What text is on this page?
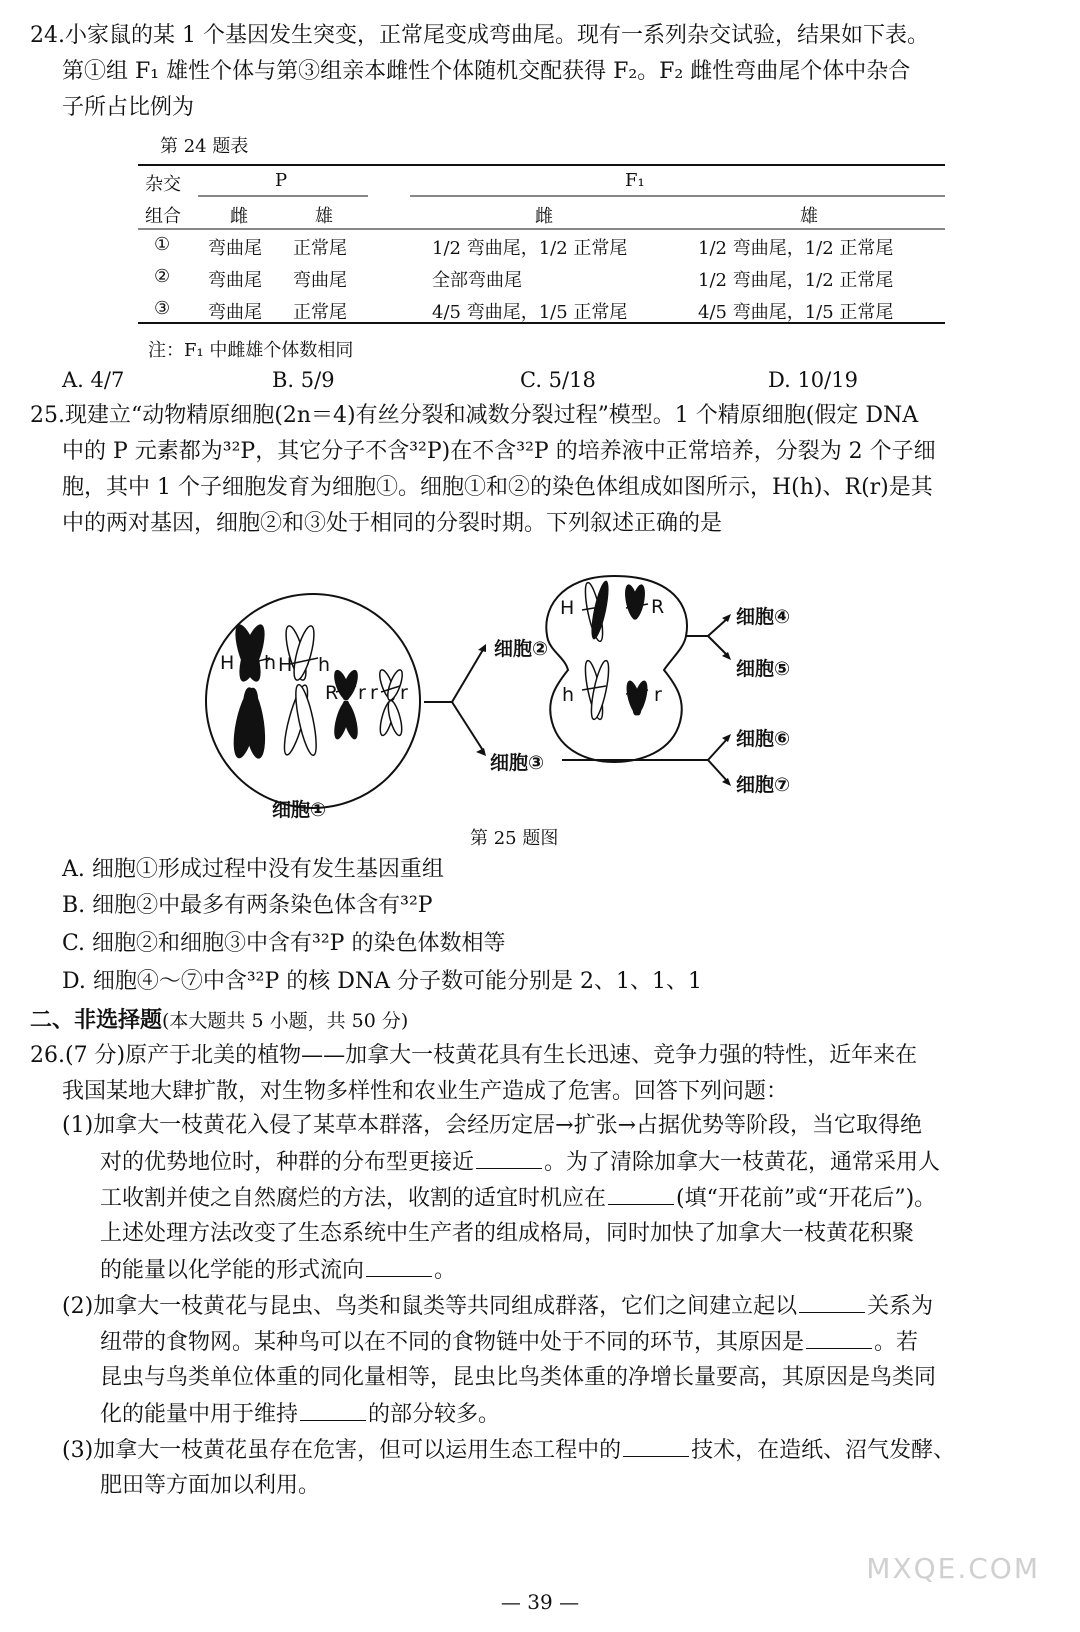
24.小家鼠的某 1 个基因发生突变，正常尾变成弯曲尾。现有一系列杂交试验，结果如下表。
第①组 F₁ 雄性个体与第③组亲本雌性个体随机交配获得 F₂。F₂ 雌性弯曲尾个体中杂合
子所占比例为
第 24 题表
杂交
组合
P	F₁
雌	雄	雌	雄
① 弯曲尾 正常尾	1/2 弯曲尾，1/2 正常尾	1/2 弯曲尾，1/2 正常尾
② 弯曲尾 弯曲尾	全部弯曲尾	1/2 弯曲尾，1/2 正常尾
③ 弯曲尾 正常尾	4/5 弯曲尾，1/5 正常尾	4/5 弯曲尾，1/5 正常尾
注：F₁ 中雌雄个体数相同
A. 4/7	B. 5/9	C. 5/18	D. 10/19
25.现建立“动物精原细胞(2n＝4)有丝分裂和减数分裂过程”模型。1 个精原细胞(假定 DNA
中的 P 元素都为³²P，其它分子不含³²P)在不含³²P 的培养液中正常培养，分裂为 2 个子细
胞，其中 1 个子细胞发育为细胞①。细胞①和②的染色体组成如图所示，H(h)、R(r)是其
中的两对基因，细胞②和③处于相同的分裂时期。下列叙述正确的是
H h H h
R r r r
H	R
h	r
细胞①
细胞②
细胞③
细胞④
细胞⑤
细胞⑥
细胞⑦
第 25 题图
A. 细胞①形成过程中没有发生基因重组
B. 细胞②中最多有两条染色体含有³²P
C. 细胞②和细胞③中含有³²P 的染色体数相等
D. 细胞④～⑦中含³²P 的核 DNA 分子数可能分别是 2、1、1、1
二、非选择题(本大题共 5 小题，共 50 分)
26.(7 分)原产于北美的植物——加拿大一枝黄花具有生长迅速、竞争力强的特性，近年来在
我国某地大肆扩散，对生物多样性和农业生产造成了危害。回答下列问题：
(1)加拿大一枝黄花入侵了某草本群落，会经历定居→扩张→占据优势等阶段，当它取得绝
对的优势地位时，种群的分布型更接近	。为了清除加拿大一枝黄花，通常采用人
工收割并使之自然腐烂的方法，收割的适宜时机应在	(填“开花前”或“开花后”)。
上述处理方法改变了生态系统中生产者的组成格局，同时加快了加拿大一枝黄花积聚
的能量以化学能的形式流向	。
(2)加拿大一枝黄花与昆虫、鸟类和鼠类等共同组成群落，它们之间建立起以	关系为
纽带的食物网。某种鸟可以在不同的食物链中处于不同的环节，其原因是	。若
昆虫与鸟类单位体重的同化量相等，昆虫比鸟类体重的净增长量要高，其原因是鸟类同
化的能量中用于维持	的部分较多。
(3)加拿大一枝黄花虽存在危害，但可以运用生态工程中的	技术，在造纸、沼气发酵、
肥田等方面加以利用。
— 39 —
MXQE.COM
